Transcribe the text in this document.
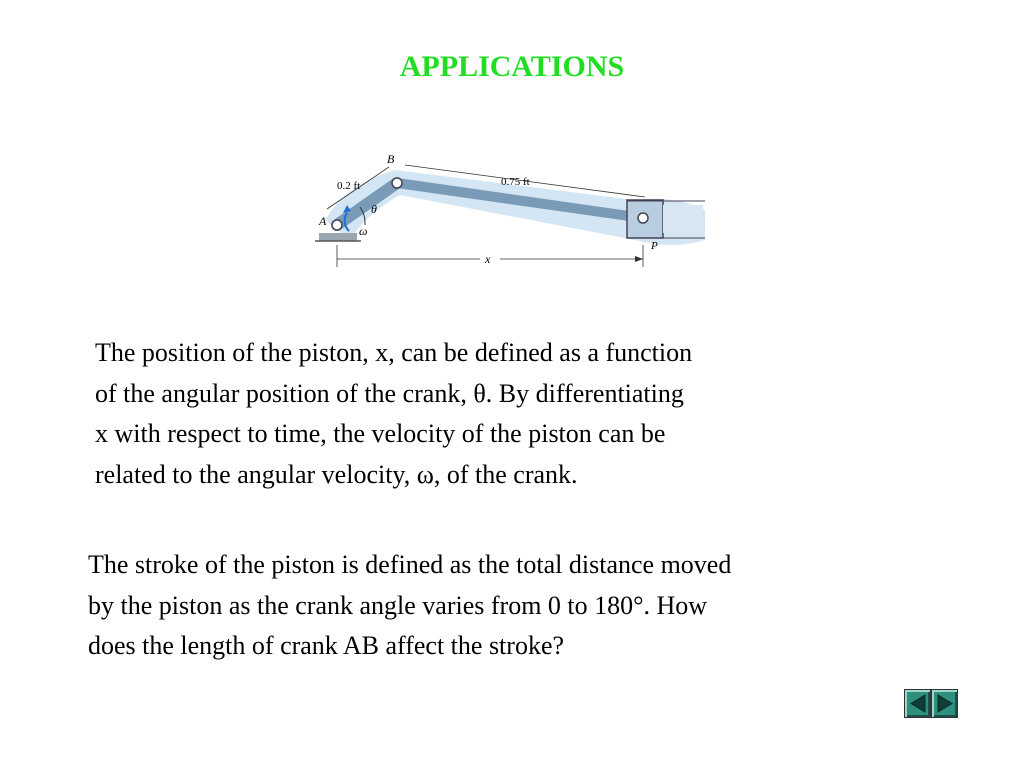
APPLICATIONS
B
A
P
0.2 ft	0.75 ft
θ
ω
x

The position of the piston, x, can be defined as a function
of the angular position of the crank, θ. By differentiating
x with respect to time, the velocity of the piston can be
related to the angular velocity, ω, of the crank.

The stroke of the piston is defined as the total distance moved
by the piston as the crank angle varies from 0 to 180°. How
does the length of crank AB affect the stroke?
